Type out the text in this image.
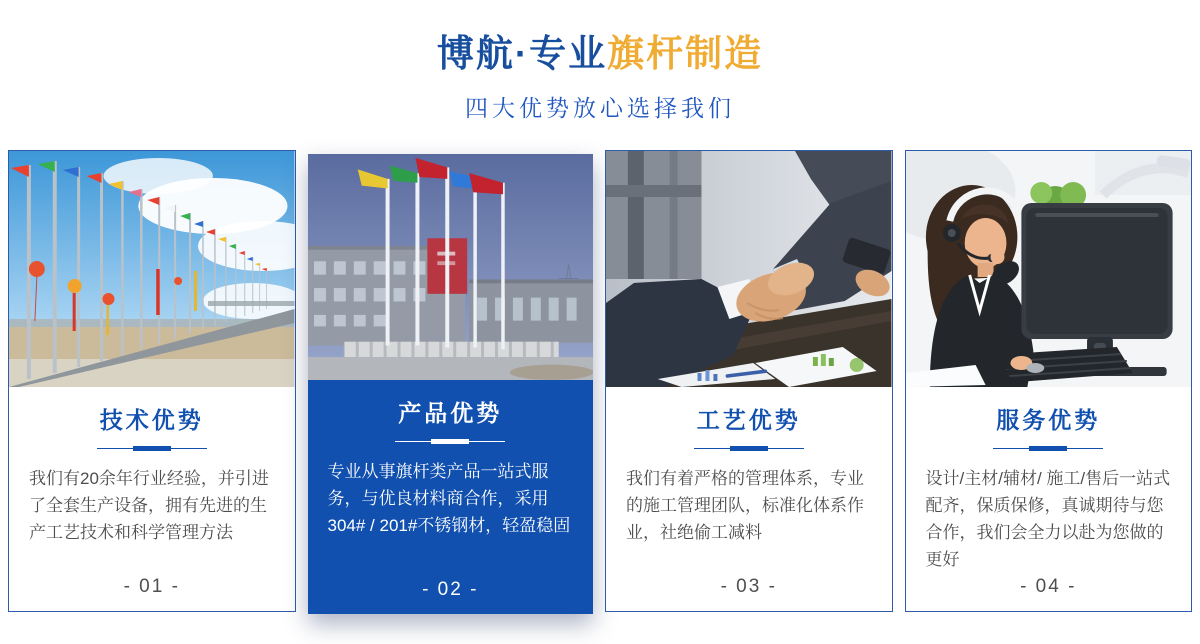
博航·专业旗杆制造
四大优势放心选择我们
技术优势

我们有20余年行业经验，并引进了全套生产设备，拥有先进的生产工艺技术和科学管理方法

- 01 -
产品优势

专业从事旗杆类产品一站式服务，与优良材料商合作，采用304# / 201#不锈钢材，轻盈稳固

- 02 -
工艺优势

我们有着严格的管理体系，专业的施工管理团队，标准化体系作业，社绝偷工减料

- 03 -
服务优势

设计/主材/辅材/ 施工/售后一站式配齐，保质保修，真诚期待与您合作，我们会全力以赴为您做的更好

- 04 -
